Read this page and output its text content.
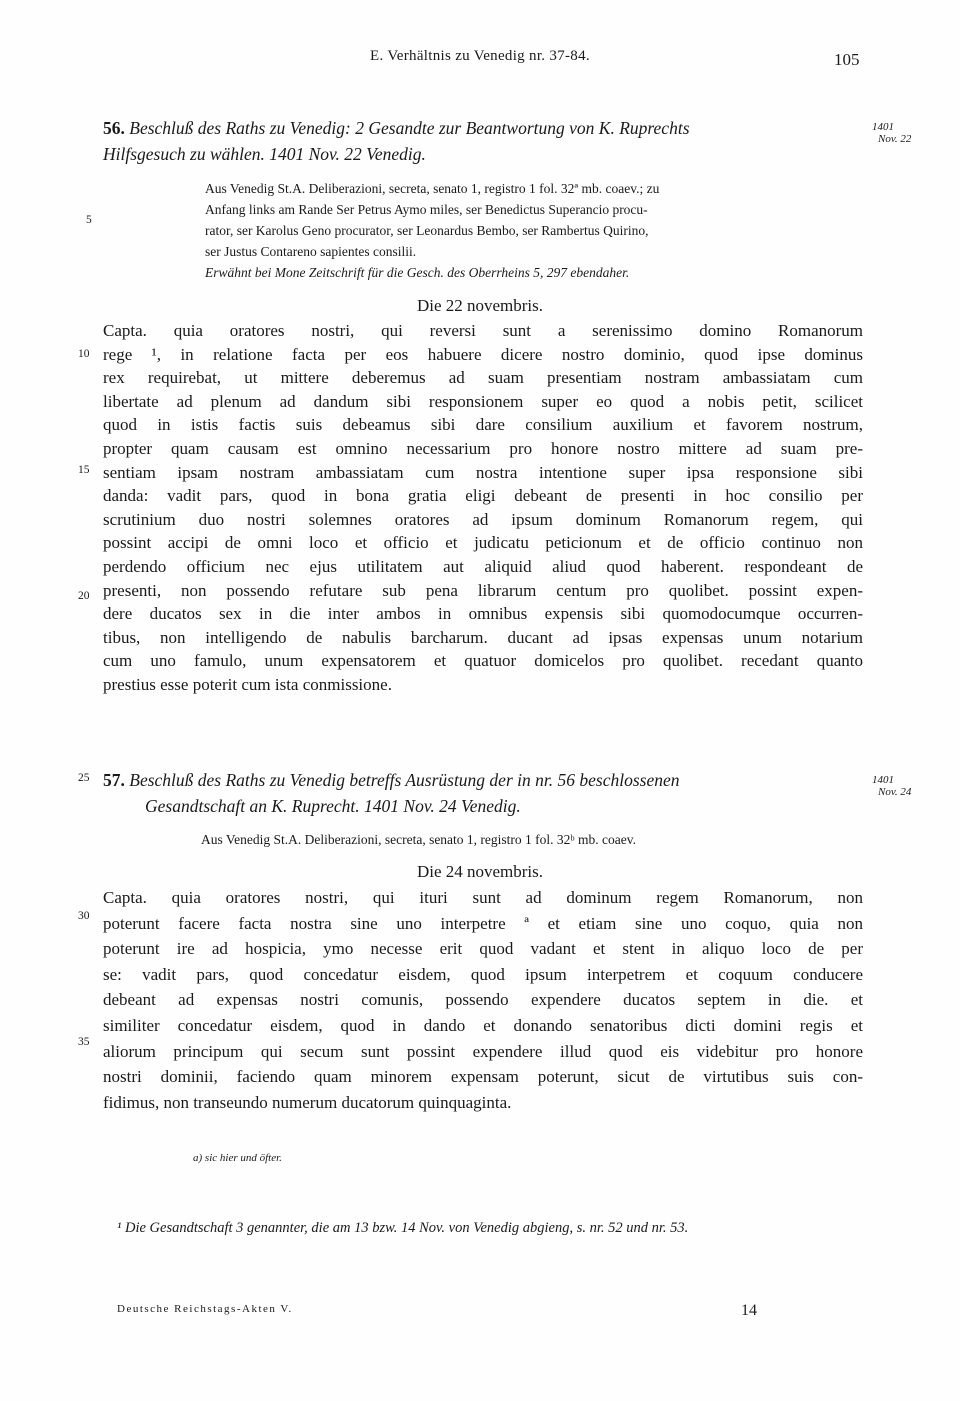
E. Verhältnis zu Venedig nr. 37-84.	105
56. Beschluß des Raths zu Venedig: 2 Gesandte zur Beantwortung von K. Ruprechts
Hilfsgesuch zu wählen. 1401 Nov. 22 Venedig.
1401
Nov. 22
Aus Venedig St.A. Deliberazioni, secreta, senato 1, registro 1 fol. 32ª mb. coaev.; zu
Anfang links am Rande Ser Petrus Aymo miles, ser Benedictus Superancio procu-
rator, ser Karolus Geno procurator, ser Leonardus Bembo, ser Rambertus Quirino,
ser Justus Contareno sapientes consilii.
Erwähnt bei Mone Zeitschrift für die Gesch. des Oberrheins 5, 297 ebendaher.
Die 22 novembris.
Capta. quia oratores nostri, qui reversi sunt a serenissimo domino Romanorum
rege ¹, in relatione facta per eos habuere dicere nostro dominio, quod ipse dominus
rex requirebat, ut mittere deberemus ad suam presentiam nostram ambassiatam cum
libertate ad plenum ad dandum sibi responsionem super eo quod a nobis petit, scilicet
quod in istis factis suis debeamus sibi dare consilium auxilium et favorem nostrum,
propter quam causam est omnino necessarium pro honore nostro mittere ad suam pre-
sentiam ipsam nostram ambassiatam cum nostra intentione super ipsa responsione sibi
danda: vadit pars, quod in bona gratia eligi debeant de presenti in hoc consilio per
scrutinium duo nostri solemnes oratores ad ipsum dominum Romanorum regem, qui
possint accipi de omni loco et officio et judicatu peticionum et de officio continuo non
perdendo officium nec ejus utilitatem aut aliquid aliud quod haberent. respondeant de
presenti, non possendo refutare sub pena librarum centum pro quolibet. possint expen-
dere ducatos sex in die inter ambos in omnibus expensis sibi quomodocumque occurren-
tibus, non intelligendo de nabulis barcharum. ducant ad ipsas expensas unum notarium
cum uno famulo, unum expensatorem et quatuor domicelos pro quolibet. recedant quanto
prestius esse poterit cum ista conmissione.
57. Beschluß des Raths zu Venedig betreffs Ausrüstung der in nr. 56 beschlossenen
Gesandtschaft an K. Ruprecht. 1401 Nov. 24 Venedig.
1401
Nov. 24
Aus Venedig St.A. Deliberazioni, secreta, senato 1, registro 1 fol. 32ᵇ mb. coaev.
Die 24 novembris.
Capta. quia oratores nostri, qui ituri sunt ad dominum regem Romanorum, non
poterunt facere facta nostra sine uno interpetre ª et etiam sine uno coquo, quia non
poterunt ire ad hospicia, ymo necesse erit quod vadant et stent in aliquo loco de per
se: vadit pars, quod concedatur eisdem, quod ipsum interpetrem et coquum conducere
debeant ad expensas nostri comunis, possendo expendere ducatos septem in die. et
similiter concedatur eisdem, quod in dando et donando senatoribus dicti domini regis et
aliorum principum qui secum sunt possint expendere illud quod eis videbitur pro honore
nostri dominii, faciendo quam minorem expensam poterunt, sicut de virtutibus suis con-
fidimus, non transeundo numerum ducatorum quinquaginta.
5
10
15
20
25
30
35
a) sic hier und öfter.
¹ Die Gesandtschaft 3 genannter, die am 13 bzw. 14 Nov. von Venedig abgieng, s. nr. 52 und nr. 53.
Deutsche Reichstags-Akten V.	14
